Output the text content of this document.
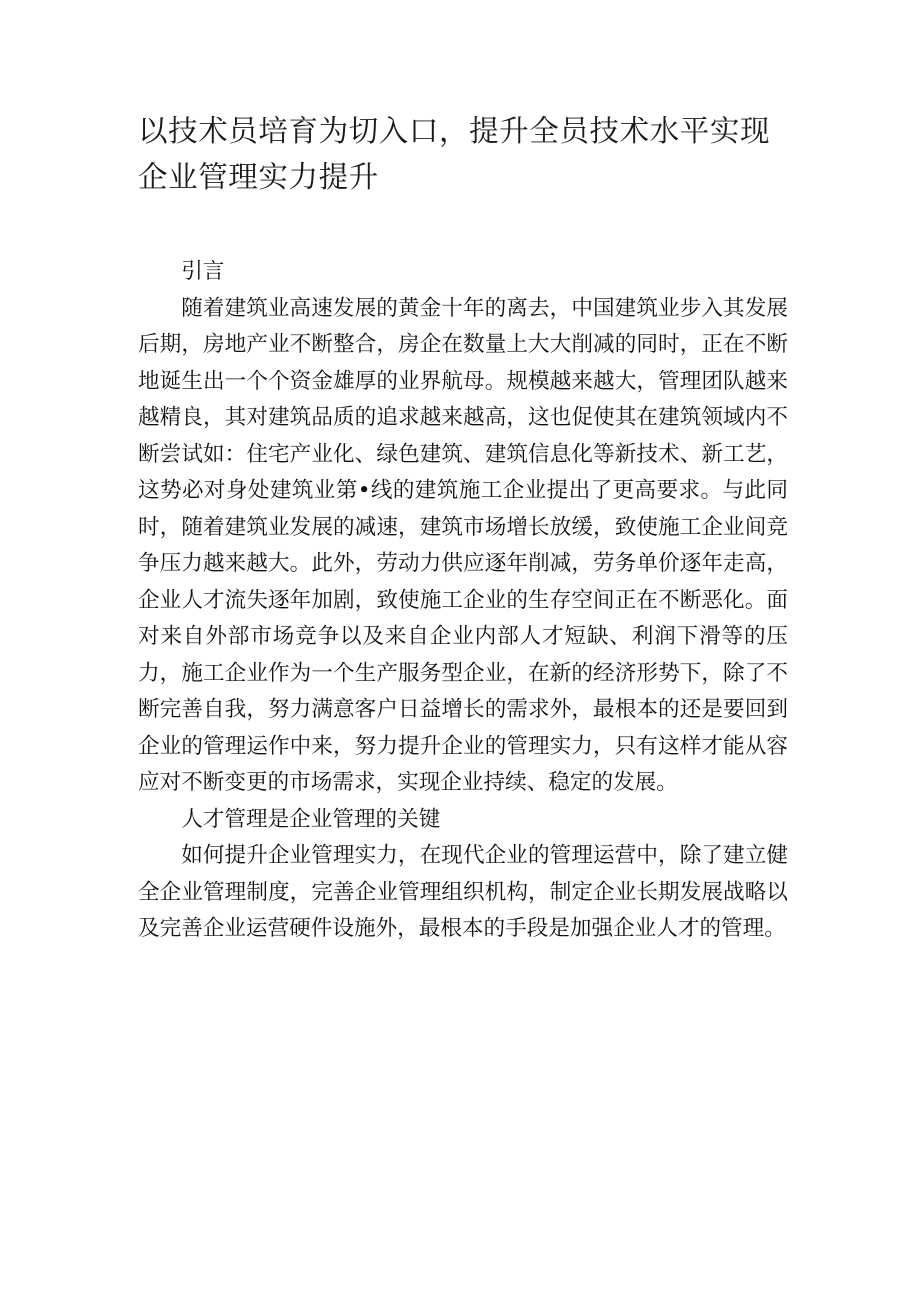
以技术员培育为切入口，提升全员技术水平实现企业管理实力提升

引言

随着建筑业高速发展的黄金十年的离去，中国建筑业步入其发展后期，房地产业不断整合，房企在数量上大大削减的同时，正在不断地诞生出一个个资金雄厚的业界航母。规模越来越大，管理团队越来越精良，其对建筑品质的追求越来越高，这也促使其在建筑领域内不断尝试如：住宅产业化、绿色建筑、建筑信息化等新技术、新工艺，这势必对身处建筑业第•线的建筑施工企业提出了更高要求。与此同时，随着建筑业发展的减速，建筑市场增长放缓，致使施工企业间竞争压力越来越大。此外，劳动力供应逐年削减，劳务单价逐年走高，企业人才流失逐年加剧，致使施工企业的生存空间正在不断恶化。面对来自外部市场竞争以及来自企业内部人才短缺、利润下滑等的压力，施工企业作为一个生产服务型企业，在新的经济形势下，除了不断完善自我，努力满意客户日益增长的需求外，最根本的还是要回到企业的管理运作中来，努力提升企业的管理实力，只有这样才能从容应对不断变更的市场需求，实现企业持续、稳定的发展。

人才管理是企业管理的关键

如何提升企业管理实力，在现代企业的管理运营中，除了建立健全企业管理制度，完善企业管理组织机构，制定企业长期发展战略以及完善企业运营硬件设施外，最根本的手段是加强企业人才的管理。
